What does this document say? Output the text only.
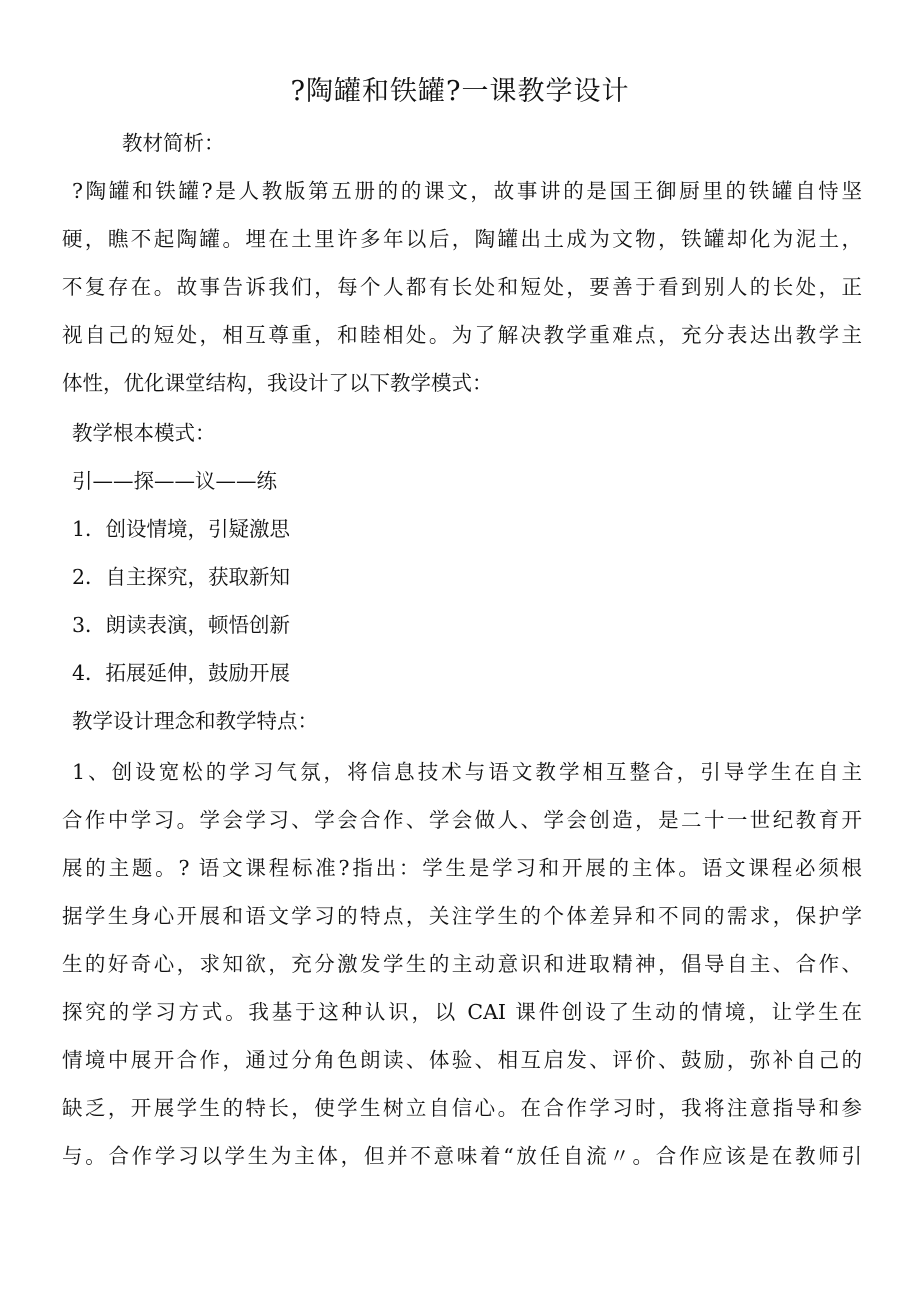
?陶罐和铁罐?一课教学设计
教材简析：
?陶罐和铁罐?是人教版第五册的的课文，故事讲的是国王御厨里的铁罐自恃坚
硬，瞧不起陶罐。埋在土里许多年以后，陶罐出土成为文物，铁罐却化为泥土，
不复存在。故事告诉我们，每个人都有长处和短处，要善于看到别人的长处，正
视自己的短处，相互尊重，和睦相处。为了解决教学重难点，充分表达出教学主
体性，优化课堂结构，我设计了以下教学模式：
教学根本模式：
引——探——议——练
1．创设情境，引疑激思
2．自主探究，获取新知
3．朗读表演，顿悟创新
4．拓展延伸，鼓励开展
教学设计理念和教学特点：
1、创设宽松的学习气氛，将信息技术与语文教学相互整合，引导学生在自主
合作中学习。学会学习、学会合作、学会做人、学会创造，是二十一世纪教育开
展的主题。? 语文课程标准?指出：学生是学习和开展的主体。语文课程必须根
据学生身心开展和语文学习的特点，关注学生的个体差异和不同的需求，保护学
生的好奇心，求知欲，充分激发学生的主动意识和进取精神，倡导自主、合作、
探究的学习方式。我基于这种认识，以 CAI 课件创设了生动的情境，让学生在
情境中展开合作，通过分角色朗读、体验、相互启发、评价、鼓励，弥补自己的
缺乏，开展学生的特长，使学生树立自信心。在合作学习时，我将注意指导和参
与。合作学习以学生为主体，但并不意味着“放任自流〃。合作应该是在教师引
